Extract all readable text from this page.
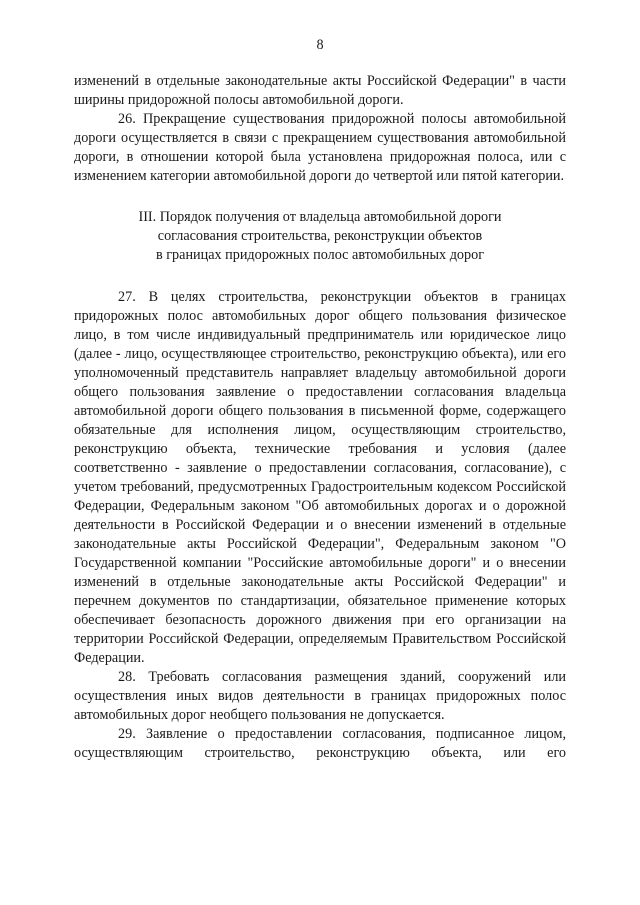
8

изменений в отдельные законодательные акты Российской Федерации" в части ширины придорожной полосы автомобильной дороги.

26. Прекращение существования придорожной полосы автомобильной дороги осуществляется в связи с прекращением существования автомобильной дороги, в отношении которой была установлена придорожная полоса, или с изменением категории автомобильной дороги до четвертой или пятой категории.

III. Порядок получения от владельца автомобильной дороги
согласования строительства, реконструкции объектов
в границах придорожных полос автомобильных дорог

27. В целях строительства, реконструкции объектов в границах придорожных полос автомобильных дорог общего пользования физическое лицо, в том числе индивидуальный предприниматель или юридическое лицо (далее - лицо, осуществляющее строительство, реконструкцию объекта), или его уполномоченный представитель направляет владельцу автомобильной дороги общего пользования заявление о предоставлении согласования владельца автомобильной дороги общего пользования в письменной форме, содержащего обязательные для исполнения лицом, осуществляющим строительство, реконструкцию объекта, технические требования и условия (далее соответственно - заявление о предоставлении согласования, согласование), с учетом требований, предусмотренных Градостроительным кодексом Российской Федерации, Федеральным законом "Об автомобильных дорогах и о дорожной деятельности в Российской Федерации и о внесении изменений в отдельные законодательные акты Российской Федерации", Федеральным законом "О Государственной компании "Российские автомобильные дороги" и о внесении изменений в отдельные законодательные акты Российской Федерации" и перечнем документов по стандартизации, обязательное применение которых обеспечивает безопасность дорожного движения при его организации на территории Российской Федерации, определяемым Правительством Российской Федерации.

28. Требовать согласования размещения зданий, сооружений или осуществления иных видов деятельности в границах придорожных полос автомобильных дорог необщего пользования не допускается.

29. Заявление о предоставлении согласования, подписанное лицом, осуществляющим строительство, реконструкцию объекта, или его
